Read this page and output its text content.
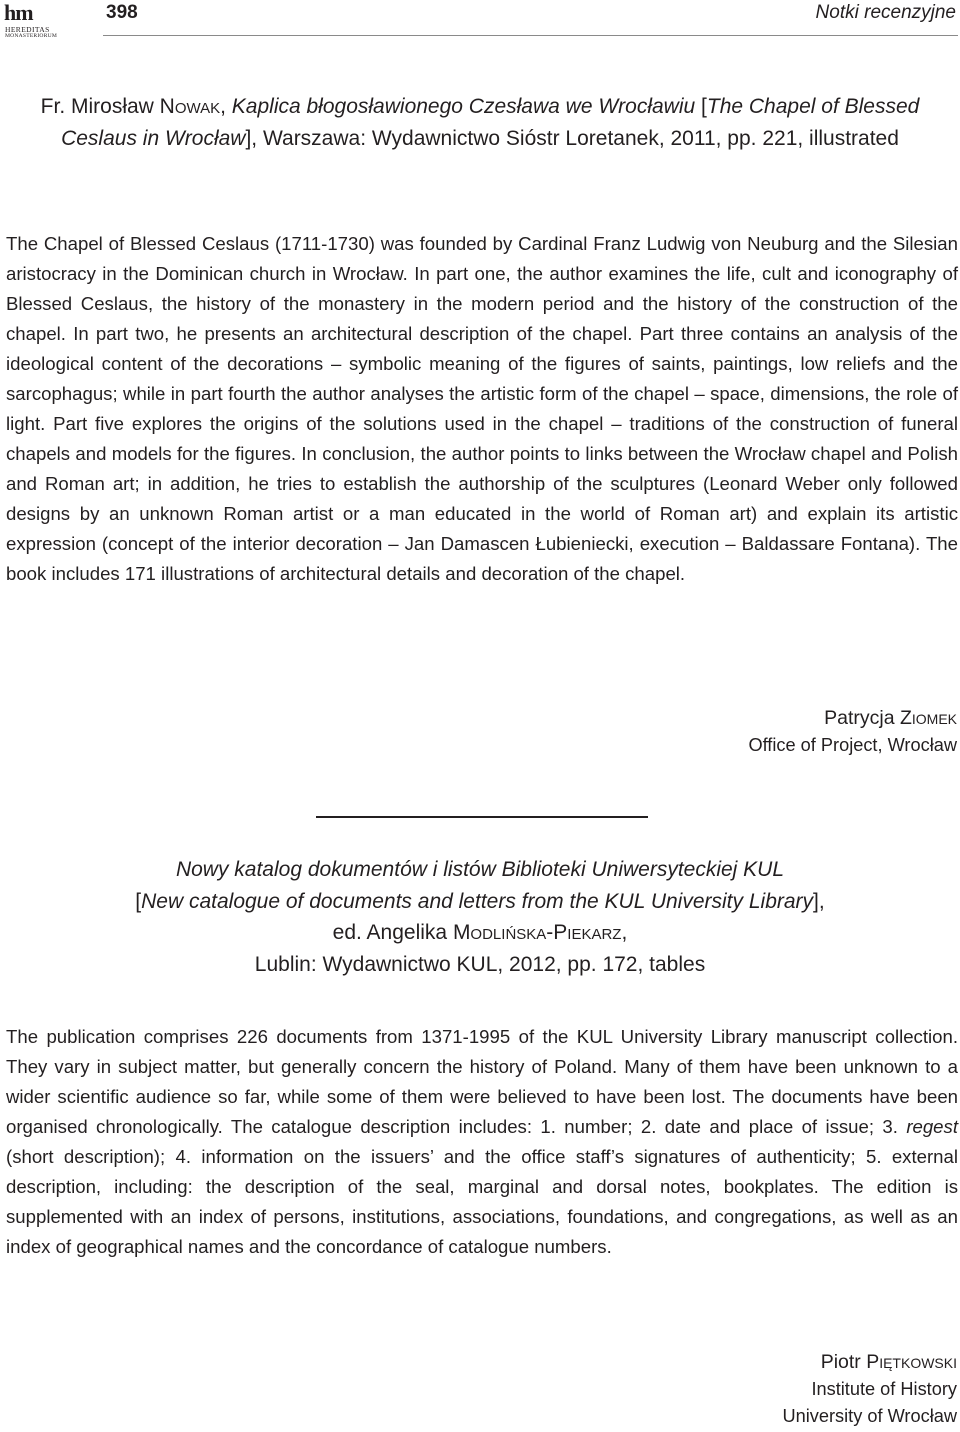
hm
HEREDITAS
MONASTERIORUM
398	Notki recenzyjne

Fr. Mirosław Nowak, Kaplica błogosławionego Czesława we Wrocławiu [The Chapel of Blessed Ceslaus in Wrocław], Warszawa: Wydawnictwo Sióstr Loretanek, 2011, pp. 221, illustrated

The Chapel of Blessed Ceslaus (1711-1730) was founded by Cardinal Franz Ludwig von Neuburg and the Silesian aristocracy in the Dominican church in Wrocław. In part one, the author examines the life, cult and iconography of Blessed Ceslaus, the history of the monastery in the modern period and the history of the construction of the chapel. In part two, he presents an architectural description of the chapel. Part three contains an analysis of the ideological content of the decorations – symbolic meaning of the figures of saints, paintings, low reliefs and the sarcophagus; while in part fourth the author analyses the artistic form of the chapel – space, dimensions, the role of light. Part five explores the origins of the solutions used in the chapel – traditions of the construction of funeral chapels and models for the figures. In conclusion, the author points to links between the Wrocław chapel and Polish and Roman art; in addition, he tries to establish the authorship of the sculptures (Leonard Weber only followed designs by an unknown Roman artist or a man educated in the world of Roman art) and explain its artistic expression (concept of the interior decoration – Jan Damascen Łubieniecki, execution – Baldassare Fontana). The book includes 171 illustrations of architectural details and decoration of the chapel.

Patrycja Ziomek
Office of Project, Wrocław
Nowy katalog dokumentów i listów Biblioteki Uniwersyteckiej KUL
[New catalogue of documents and letters from the KUL University Library],
ed. Angelika Modlińska-Piekarz,
Lublin: Wydawnictwo KUL, 2012, pp. 172, tables

The publication comprises 226 documents from 1371-1995 of the KUL University Library manuscript collection. They vary in subject matter, but generally concern the history of Poland. Many of them have been unknown to a wider scientific audience so far, while some of them were believed to have been lost. The documents have been organised chronologically. The catalogue description includes: 1. number; 2. date and place of issue; 3. regest (short description); 4. information on the issuers’ and the office staff’s signatures of authenticity; 5. external description, including: the description of the seal, marginal and dorsal notes, bookplates. The edition is supplemented with an index of persons, institutions, associations, foundations, and congregations, as well as an index of geographical names and the concordance of catalogue numbers.

Piotr Piętkowski
Institute of History
University of Wrocław
